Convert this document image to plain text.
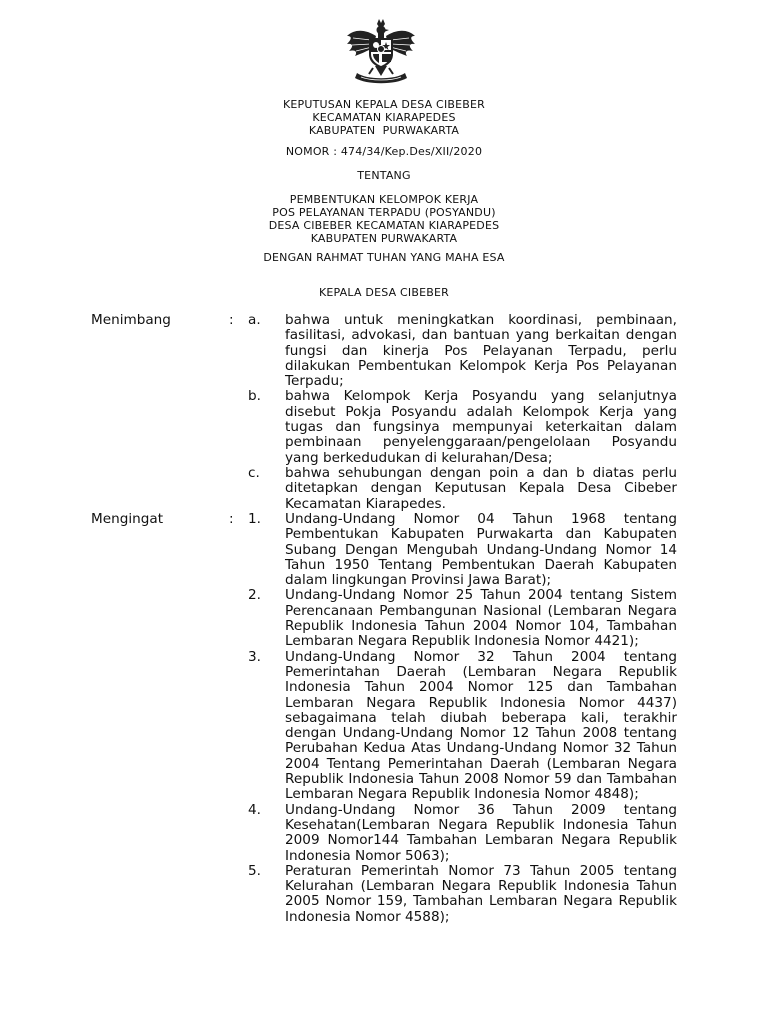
KEPUTUSAN KEPALA DESA CIBEBER
KECAMATAN KIARAPEDES
KABUPATEN  PURWAKARTA
NOMOR : 474/34/Kep.Des/XII/2020
TENTANG
PEMBENTUKAN KELOMPOK KERJA
POS PELAYANAN TERPADU (POSYANDU)
DESA CIBEBER KECAMATAN KIARAPEDES
KABUPATEN PURWAKARTA
DENGAN RAHMAT TUHAN YANG MAHA ESA
KEPALA DESA CIBEBER
Menimbang	: a. bahwa untuk meningkatkan koordinasi, pembinaan, fasilitasi, advokasi, dan bantuan yang berkaitan dengan fungsi dan kinerja Pos Pelayanan Terpadu, perlu dilakukan Pembentukan Kelompok Kerja Pos Pelayanan Terpadu;
b. bahwa Kelompok Kerja Posyandu yang selanjutnya disebut Pokja Posyandu adalah Kelompok Kerja yang tugas dan fungsinya mempunyai keterkaitan dalam pembinaan penyelenggaraan/pengelolaan Posyandu yang berkedudukan di kelurahan/Desa;
c. bahwa sehubungan dengan poin a dan b diatas perlu ditetapkan dengan Keputusan Kepala Desa Cibeber Kecamatan Kiarapedes.
Mengingat	: 1. Undang-Undang Nomor 04 Tahun 1968 tentang Pembentukan Kabupaten Purwakarta dan Kabupaten Subang Dengan Mengubah Undang-Undang Nomor 14 Tahun 1950 Tentang Pembentukan Daerah Kabupaten dalam lingkungan Provinsi Jawa Barat);
2. Undang-Undang Nomor 25 Tahun 2004 tentang Sistem Perencanaan Pembangunan Nasional (Lembaran Negara Republik Indonesia Tahun 2004 Nomor 104, Tambahan Lembaran Negara Republik Indonesia Nomor 4421);
3. Undang-Undang Nomor 32 Tahun 2004 tentang Pemerintahan Daerah (Lembaran Negara Republik Indonesia Tahun 2004 Nomor 125 dan Tambahan Lembaran Negara Republik Indonesia Nomor 4437) sebagaimana telah diubah beberapa kali, terakhir dengan Undang-Undang Nomor 12 Tahun 2008 tentang Perubahan Kedua Atas Undang-Undang Nomor 32 Tahun 2004 Tentang Pemerintahan Daerah (Lembaran Negara Republik Indonesia Tahun 2008 Nomor 59 dan Tambahan Lembaran Negara Republik Indonesia Nomor 4848);
4. Undang-Undang Nomor 36 Tahun 2009 tentang Kesehatan(Lembaran Negara Republik Indonesia Tahun 2009 Nomor144 Tambahan Lembaran Negara Republik Indonesia Nomor 5063);
5. Peraturan Pemerintah Nomor 73 Tahun 2005 tentang Kelurahan (Lembaran Negara Republik Indonesia Tahun 2005 Nomor 159, Tambahan Lembaran Negara Republik Indonesia Nomor 4588);
